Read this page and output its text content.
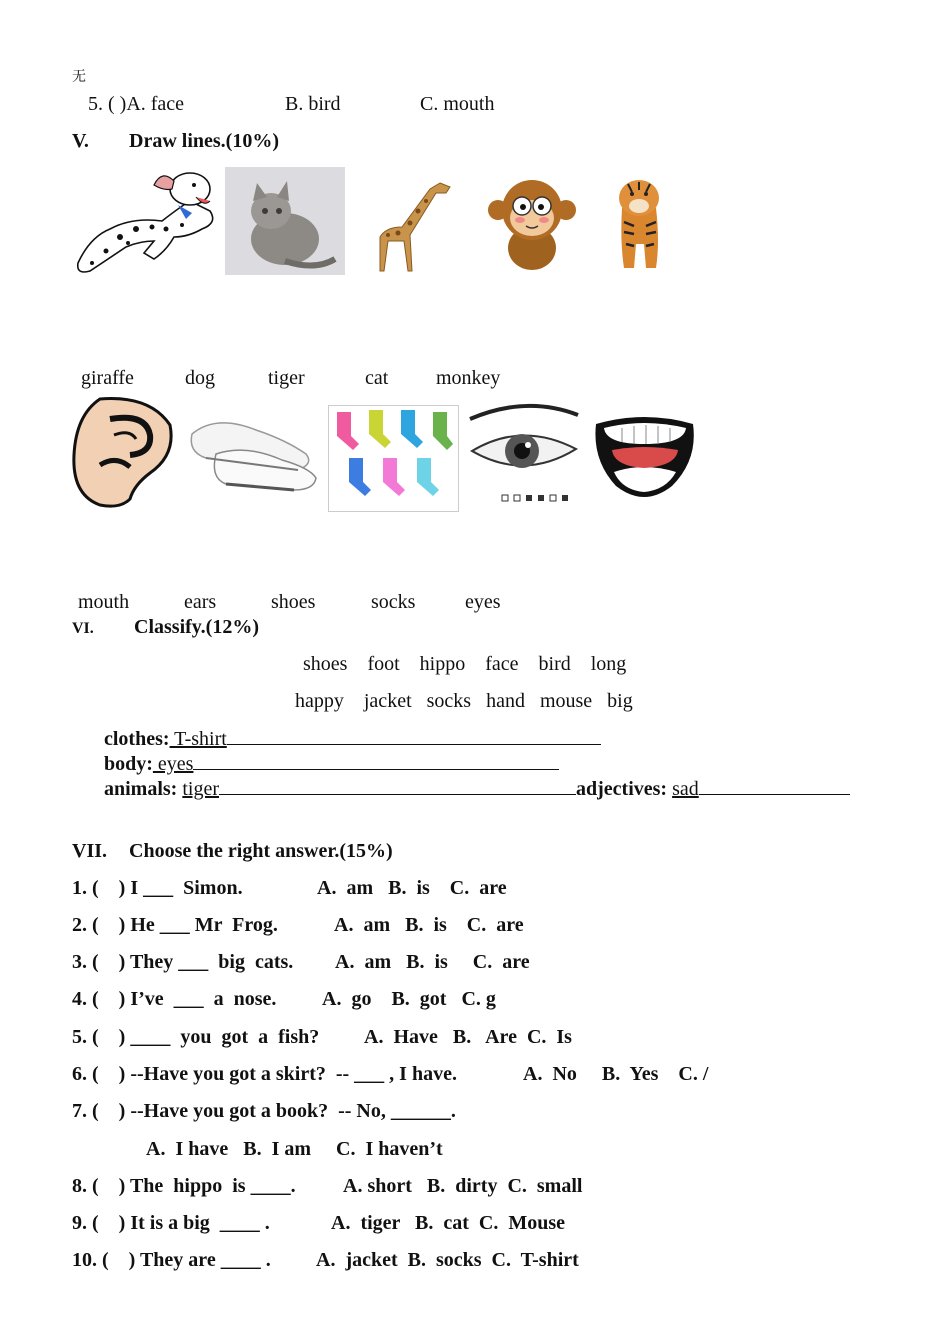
无
5. ( )A. face	B. bird	C. mouth
V. Draw lines.(10%)
giraffe	dog	tiger	cat monkey
mouth	ears	shoes	socks eyes
VI. Classify.(12%)
shoes    foot    hippo    face    bird    long
happy    jacket   socks   hand   mouse   big
clothes: T-shirt
body: eyes
animals: tiger	adjectives: sad
VII. Choose the right answer.(15%)
1. (    ) I ___  Simon.	A.  am   B.  is    C.  are
2. (    ) He ___ Mr  Frog.	A.  am   B.  is    C.  are
3. (    ) They ___  big  cats. A.  am   B.  is     C.  are
4. (    ) I’ve  ___  a  nose. A.  go    B.  got   C. g
5. (    ) ____  you  got  a  fish? A.  Have   B.   Are  C.  Is
6. (    ) --Have you got a skirt?  -- ___ , I have.	A.  No     B.  Yes    C. /
7. (    ) --Have you got a book?  -- No, ______.
A.  I have   B.  I am     C.  I haven’t
8. (    ) The  hippo  is ____. A. short   B.  dirty  C.  small
9. (    ) It is a big  ____ .	A.  tiger   B.  cat  C.  Mouse
10. (    ) They are ____ . A.  jacket  B.  socks  C.  T-shirt
